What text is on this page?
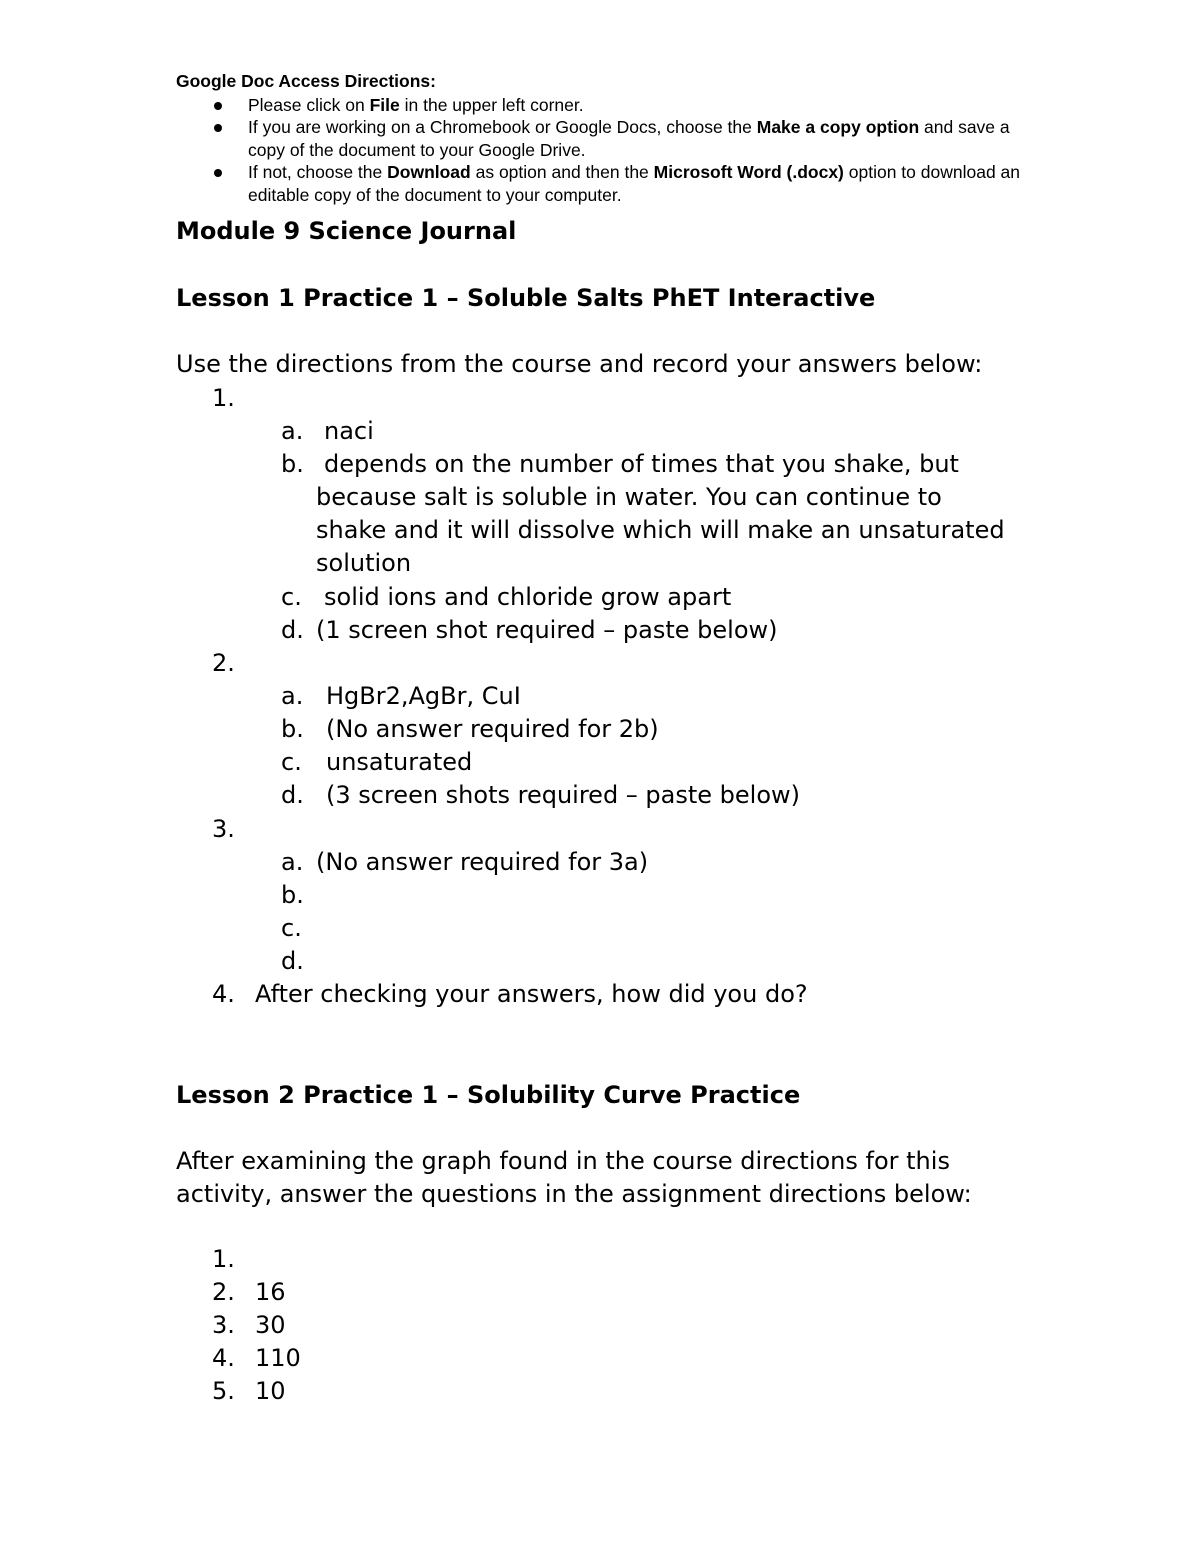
Google Doc Access Directions:
Please click on File in the upper left corner.
If you are working on a Chromebook or Google Docs, choose the Make a copy option and save a copy of the document to your Google Drive.
If not, choose the Download as option and then the Microsoft Word (.docx) option to download an editable copy of the document to your computer.
Module 9 Science Journal
Lesson 1 Practice 1 – Soluble Salts PhET Interactive
Use the directions from the course and record your answers below:
1.
a. naci
b. depends on the number of times that you shake, but
because salt is soluble in water. You can continue to
shake and it will dissolve which will make an unsaturated
solution
c. solid ions and chloride grow apart
d. (1 screen shot required – paste below)
2.
a. HgBr2,AgBr, CuI
b. (No answer required for 2b)
c. unsaturated
d. (3 screen shots required – paste below)
3.
a. (No answer required for 3a)
b.
c.
d.
4. After checking your answers, how did you do?
Lesson 2 Practice 1 – Solubility Curve Practice
After examining the graph found in the course directions for this
activity, answer the questions in the assignment directions below:
1.
2. 16
3. 30
4. 110
5. 10
